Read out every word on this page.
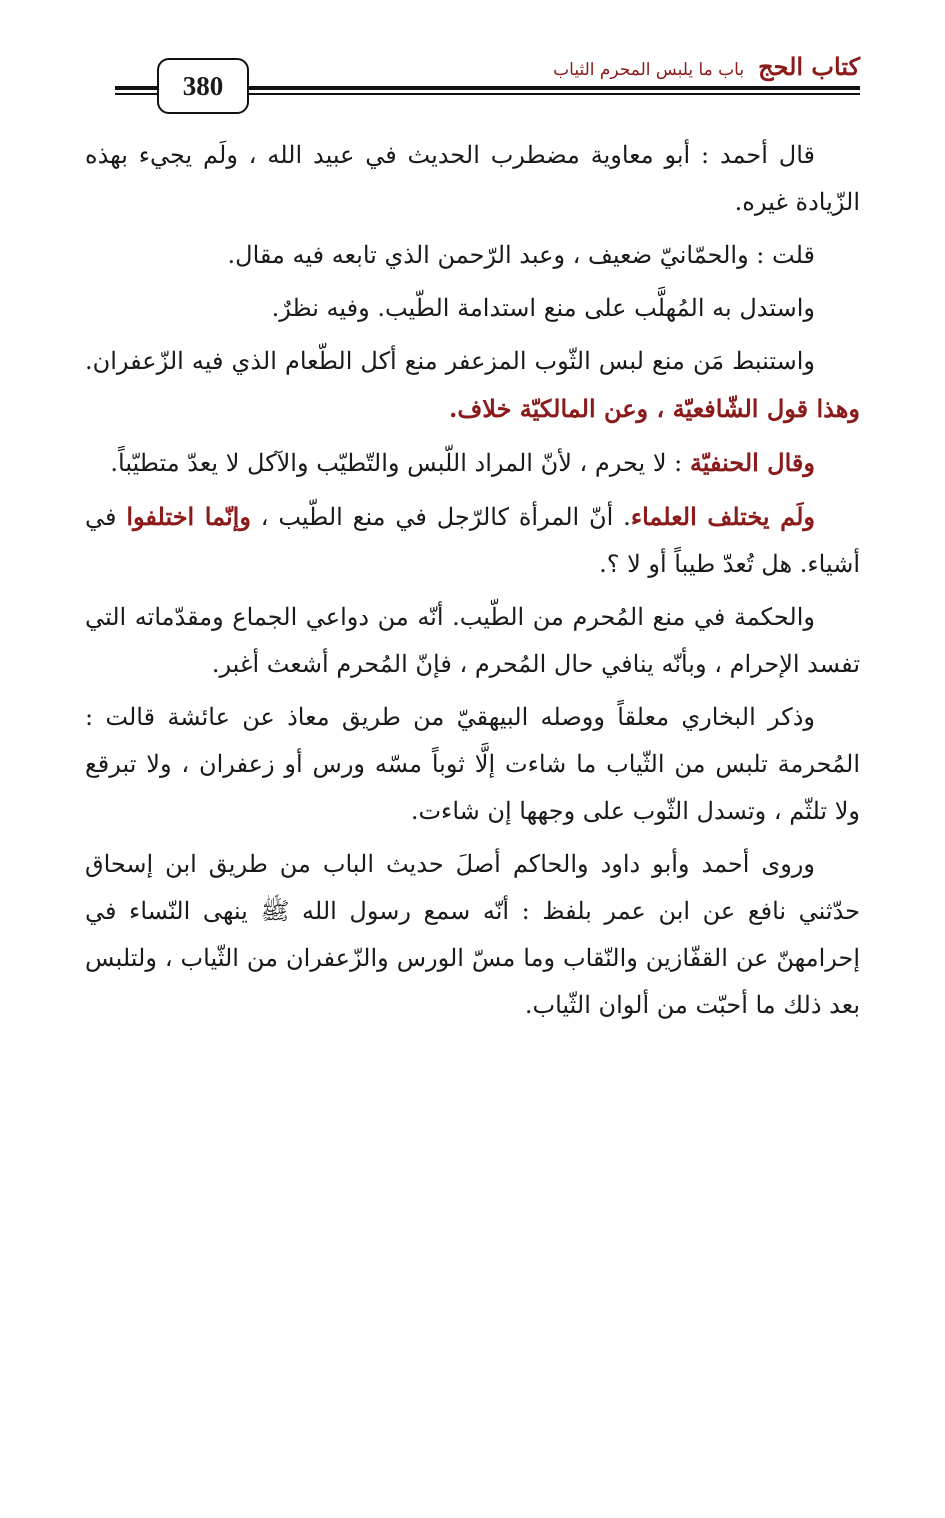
380
كتاب الحج
باب ما يلبس المحرم الثياب

قال أحمد : أبو معاوية مضطرب الحديث في عبيد الله ، ولَم يجيء بهذه الزّيادة غيره.

قلت : والحمّانيّ ضعيف ، وعبد الرّحمن الذي تابعه فيه مقال.

واستدل به المُهلَّب على منع استدامة الطّيب. وفيه نظرٌ.

واستنبط مَن منع لبس الثّوب المزعفر منع أكل الطّعام الذي فيه الزّعفران. وهذا قول الشّافعيّة ، وعن المالكيّة خلاف.

وقال الحنفيّة : لا يحرم ، لأنّ المراد اللّبس والتّطيّب والآكل لا يعدّ متطيّباً.

ولَم يختلف العلماء. أنّ المرأة كالرّجل في منع الطّيب ، وإنّما اختلفوا في أشياء. هل تُعدّ طيباً أو لا ؟.

والحكمة في منع المُحرم من الطّيب. أنّه من دواعي الجماع ومقدّماته التي تفسد الإحرام ، وبأنّه ينافي حال المُحرم ، فإنّ المُحرم أشعث أغبر.

وذكر البخاري معلقاً ووصله البيهقيّ من طريق معاذ عن عائشة قالت : المُحرمة تلبس من الثّياب ما شاءت إلَّا ثوباً مسّه ورس أو زعفران ، ولا تبرقع ولا تلثّم ، وتسدل الثّوب على وجهها إن شاءت.

وروى أحمد وأبو داود والحاكم أصلَ حديث الباب من طريق ابن إسحاق حدّثني نافع عن ابن عمر بلفظ : أنّه سمع رسول الله ﷺ ينهى النّساء في إحرامهنّ عن القفّازين والنّقاب وما مسّ الورس والزّعفران من الثّياب ، ولتلبس بعد ذلك ما أحبّت من ألوان الثّياب.
